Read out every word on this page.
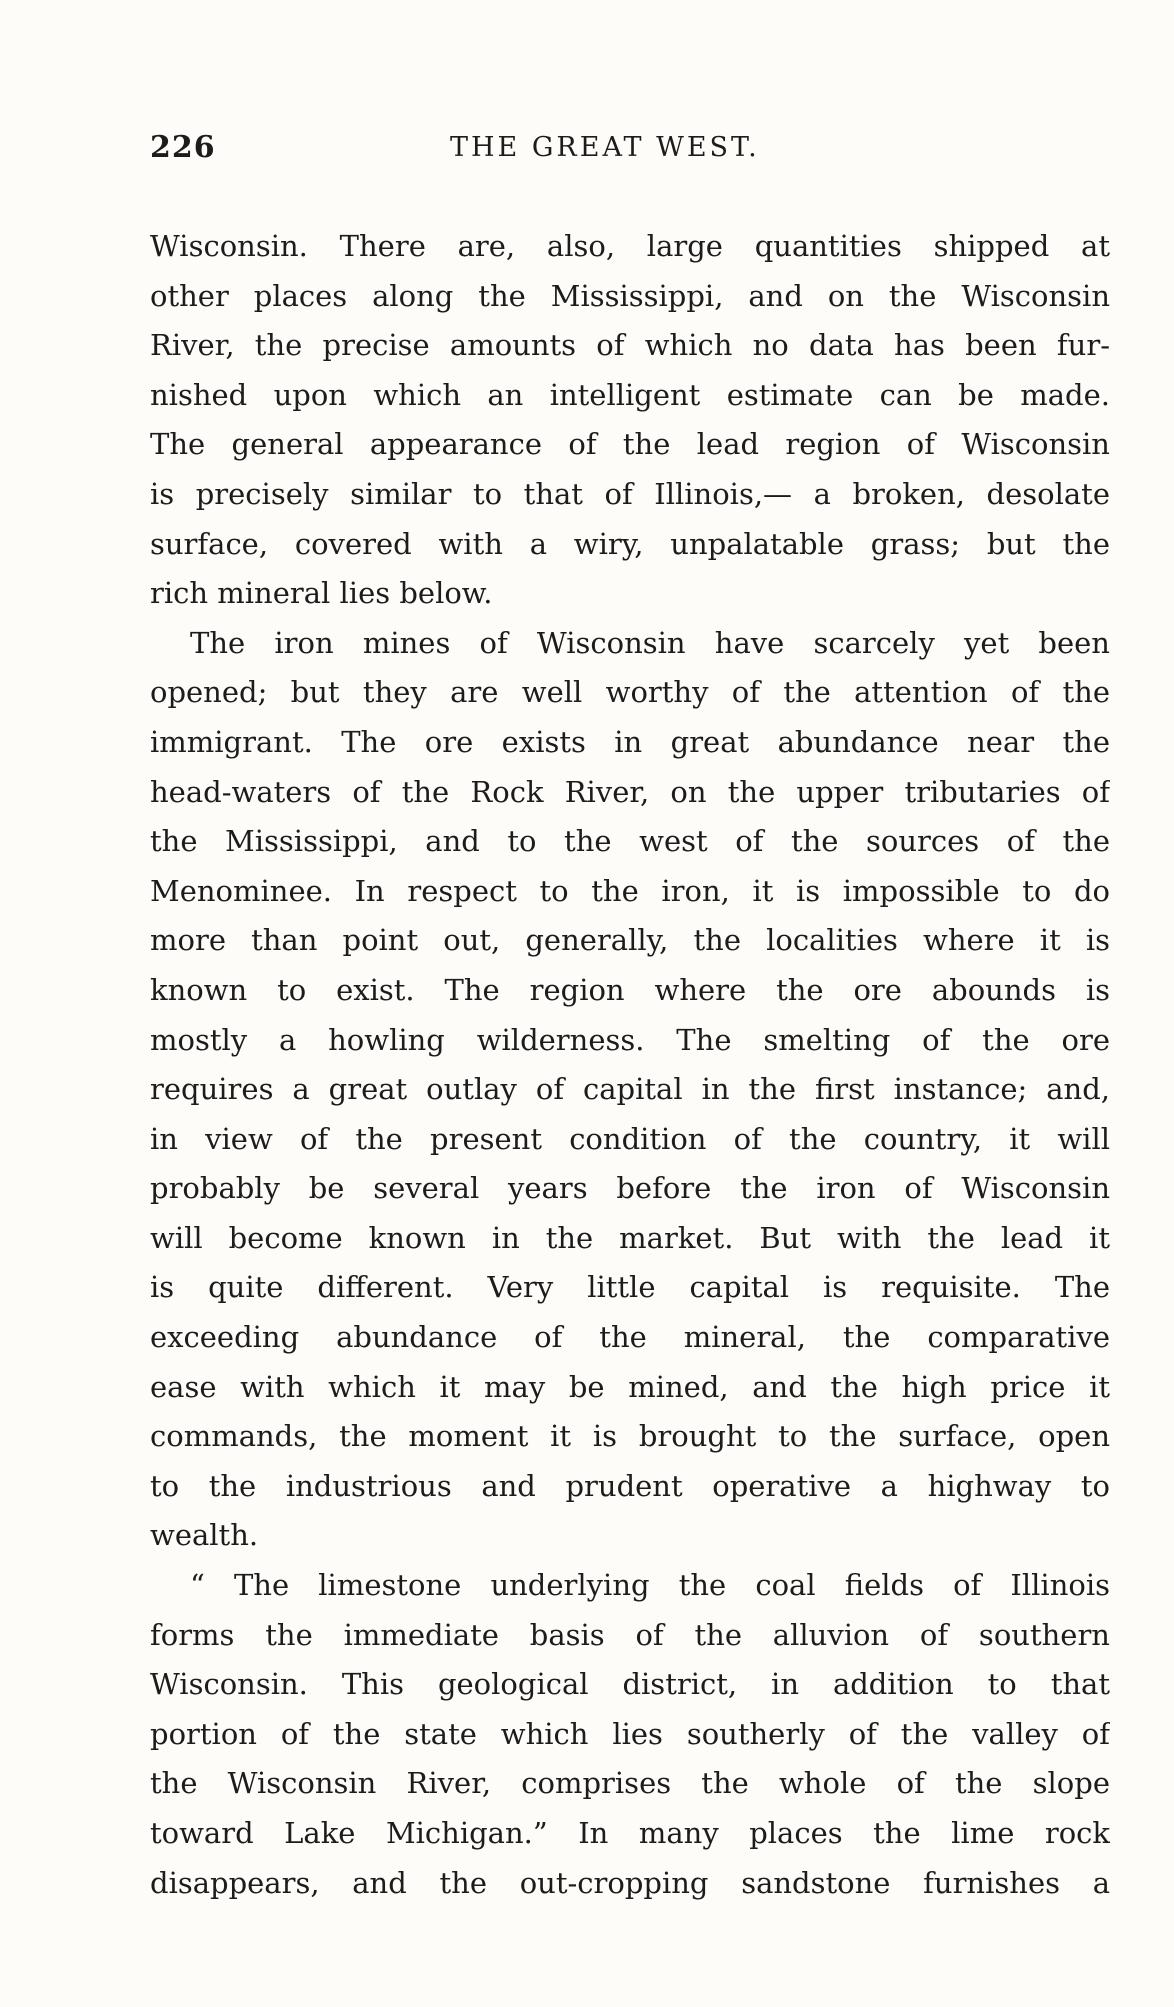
226	THE GREAT WEST.
Wisconsin. There are, also, large quantities shipped at
other places along the Mississippi, and on the Wisconsin
River, the precise amounts of which no data has been fur-
nished upon which an intelligent estimate can be made.
The general appearance of the lead region of Wisconsin
is precisely similar to that of Illinois,— a broken, desolate
surface, covered with a wiry, unpalatable grass; but the
rich mineral lies below.
The iron mines of Wisconsin have scarcely yet been
opened; but they are well worthy of the attention of the
immigrant. The ore exists in great abundance near the
head-waters of the Rock River, on the upper tributaries of
the Mississippi, and to the west of the sources of the
Menominee. In respect to the iron, it is impossible to do
more than point out, generally, the localities where it is
known to exist. The region where the ore abounds is
mostly a howling wilderness. The smelting of the ore
requires a great outlay of capital in the first instance; and,
in view of the present condition of the country, it will
probably be several years before the iron of Wisconsin
will become known in the market. But with the lead it
is quite different. Very little capital is requisite. The
exceeding abundance of the mineral, the comparative
ease with which it may be mined, and the high price it
commands, the moment it is brought to the surface, open
to the industrious and prudent operative a highway to
wealth.
“ The limestone underlying the coal fields of Illinois
forms the immediate basis of the alluvion of southern
Wisconsin. This geological district, in addition to that
portion of the state which lies southerly of the valley of
the Wisconsin River, comprises the whole of the slope
toward Lake Michigan.” In many places the lime rock
disappears, and the out-cropping sandstone furnishes a
